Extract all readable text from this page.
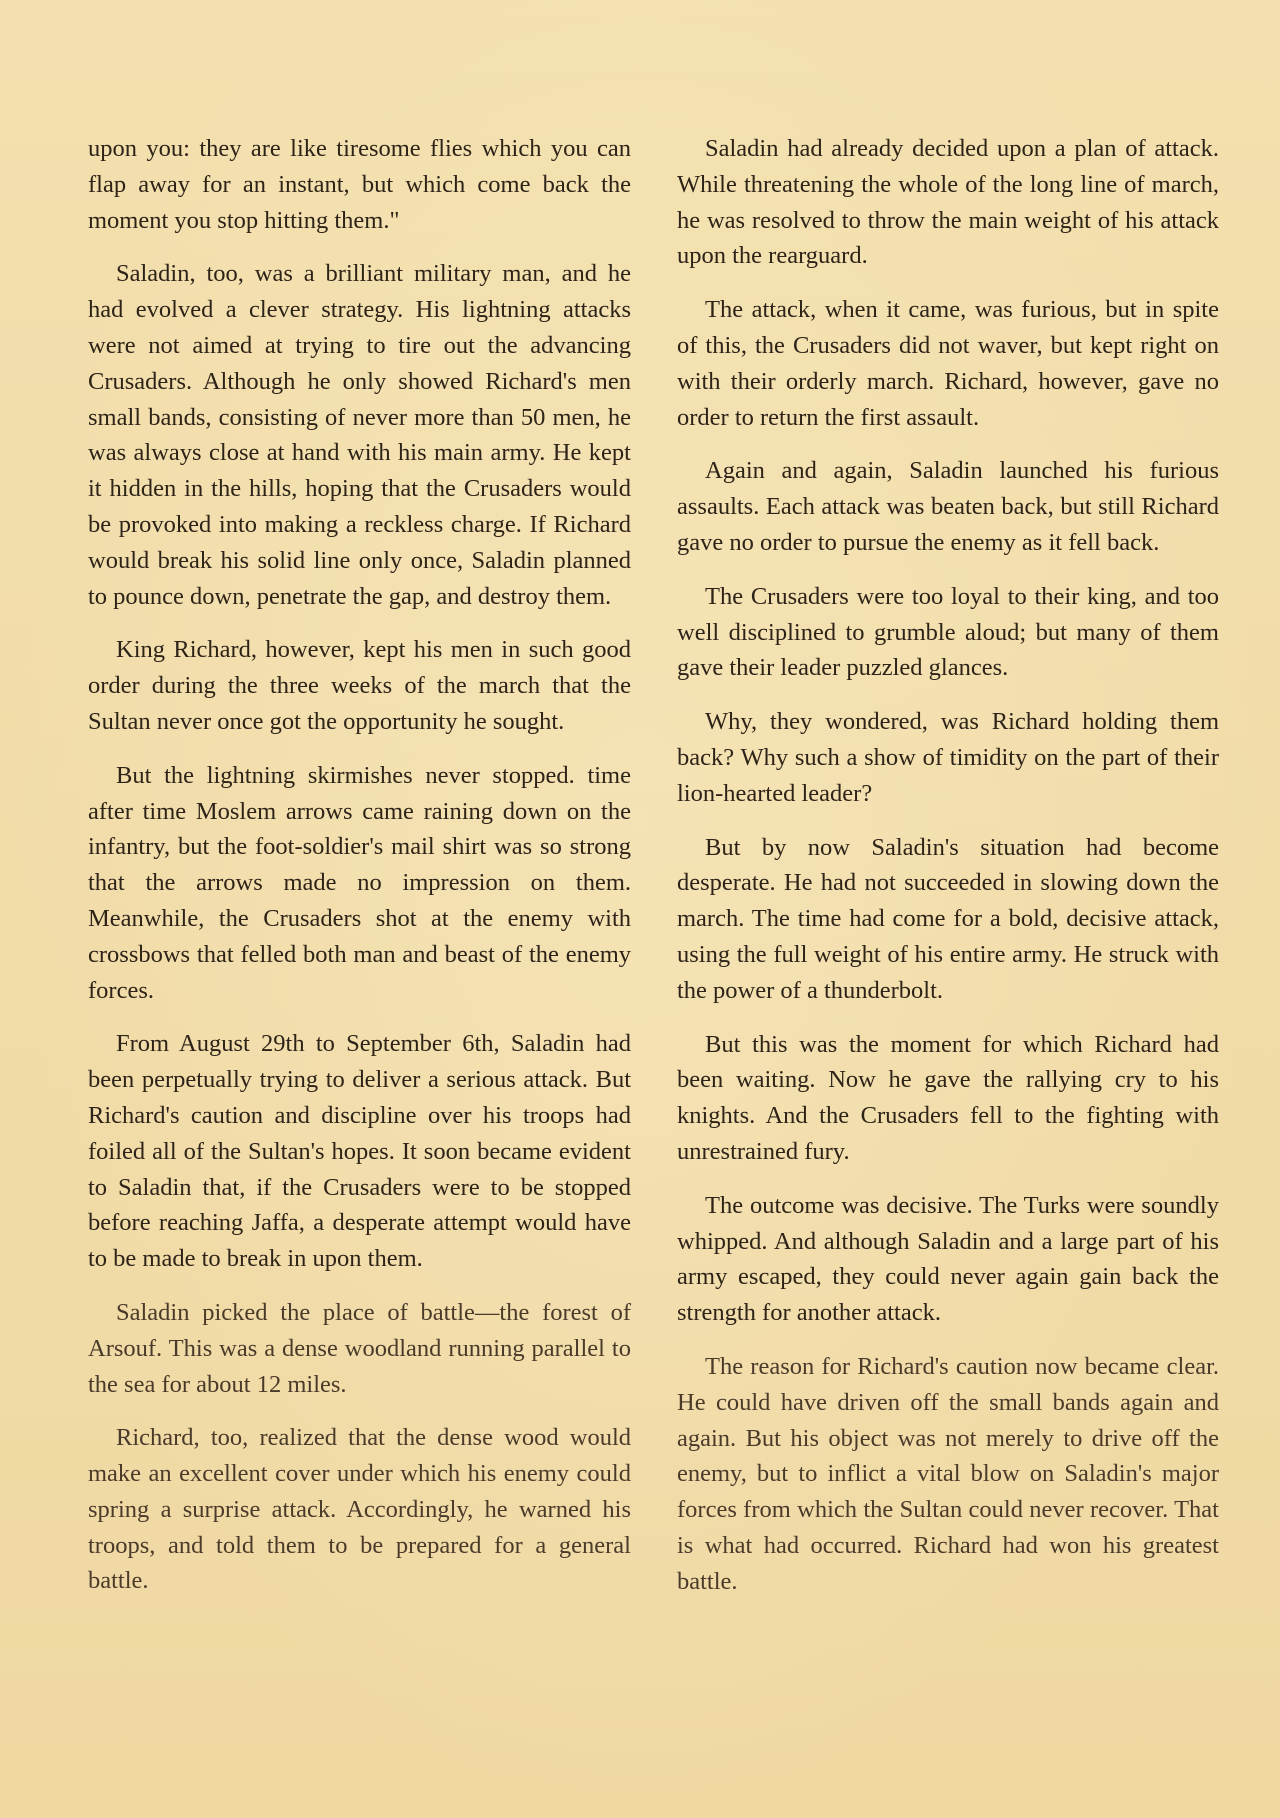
upon you: they are like tiresome flies which you can flap away for an instant, but which come back the moment you stop hitting them."

Saladin, too, was a brilliant military man, and he had evolved a clever strategy. His lightning attacks were not aimed at trying to tire out the advancing Crusaders. Although he only showed Richard's men small bands, consisting of never more than 50 men, he was always close at hand with his main army. He kept it hidden in the hills, hoping that the Crusaders would be provoked into making a reckless charge. If Richard would break his solid line only once, Saladin planned to pounce down, penetrate the gap, and destroy them.

King Richard, however, kept his men in such good order during the three weeks of the march that the Sultan never once got the opportunity he sought.

But the lightning skirmishes never stopped. time after time Moslem arrows came raining down on the infantry, but the foot-soldier's mail shirt was so strong that the arrows made no impression on them. Meanwhile, the Crusaders shot at the enemy with crossbows that felled both man and beast of the enemy forces.

From August 29th to September 6th, Saladin had been perpetually trying to deliver a serious attack. But Richard's caution and discipline over his troops had foiled all of the Sultan's hopes. It soon became evident to Saladin that, if the Crusaders were to be stopped before reaching Jaffa, a desperate attempt would have to be made to break in upon them.

Saladin picked the place of battle—the forest of Arsouf. This was a dense woodland running parallel to the sea for about 12 miles.

Richard, too, realized that the dense wood would make an excellent cover under which his enemy could spring a surprise attack. Accordingly, he warned his troops, and told them to be prepared for a general battle.

Saladin had already decided upon a plan of attack. While threatening the whole of the long line of march, he was resolved to throw the main weight of his attack upon the rearguard.

The attack, when it came, was furious, but in spite of this, the Crusaders did not waver, but kept right on with their orderly march. Richard, however, gave no order to return the first assault.

Again and again, Saladin launched his furious assaults. Each attack was beaten back, but still Richard gave no order to pursue the enemy as it fell back.

The Crusaders were too loyal to their king, and too well disciplined to grumble aloud; but many of them gave their leader puzzled glances.

Why, they wondered, was Richard holding them back? Why such a show of timidity on the part of their lion-hearted leader?

But by now Saladin's situation had become desperate. He had not succeeded in slowing down the march. The time had come for a bold, decisive attack, using the full weight of his entire army. He struck with the power of a thunderbolt.

But this was the moment for which Richard had been waiting. Now he gave the rallying cry to his knights. And the Crusaders fell to the fighting with unrestrained fury.

The outcome was decisive. The Turks were soundly whipped. And although Saladin and a large part of his army escaped, they could never again gain back the strength for another attack.

The reason for Richard's caution now became clear. He could have driven off the small bands again and again. But his object was not merely to drive off the enemy, but to inflict a vital blow on Saladin's major forces from which the Sultan could never recover. That is what had occurred. Richard had won his greatest battle.
